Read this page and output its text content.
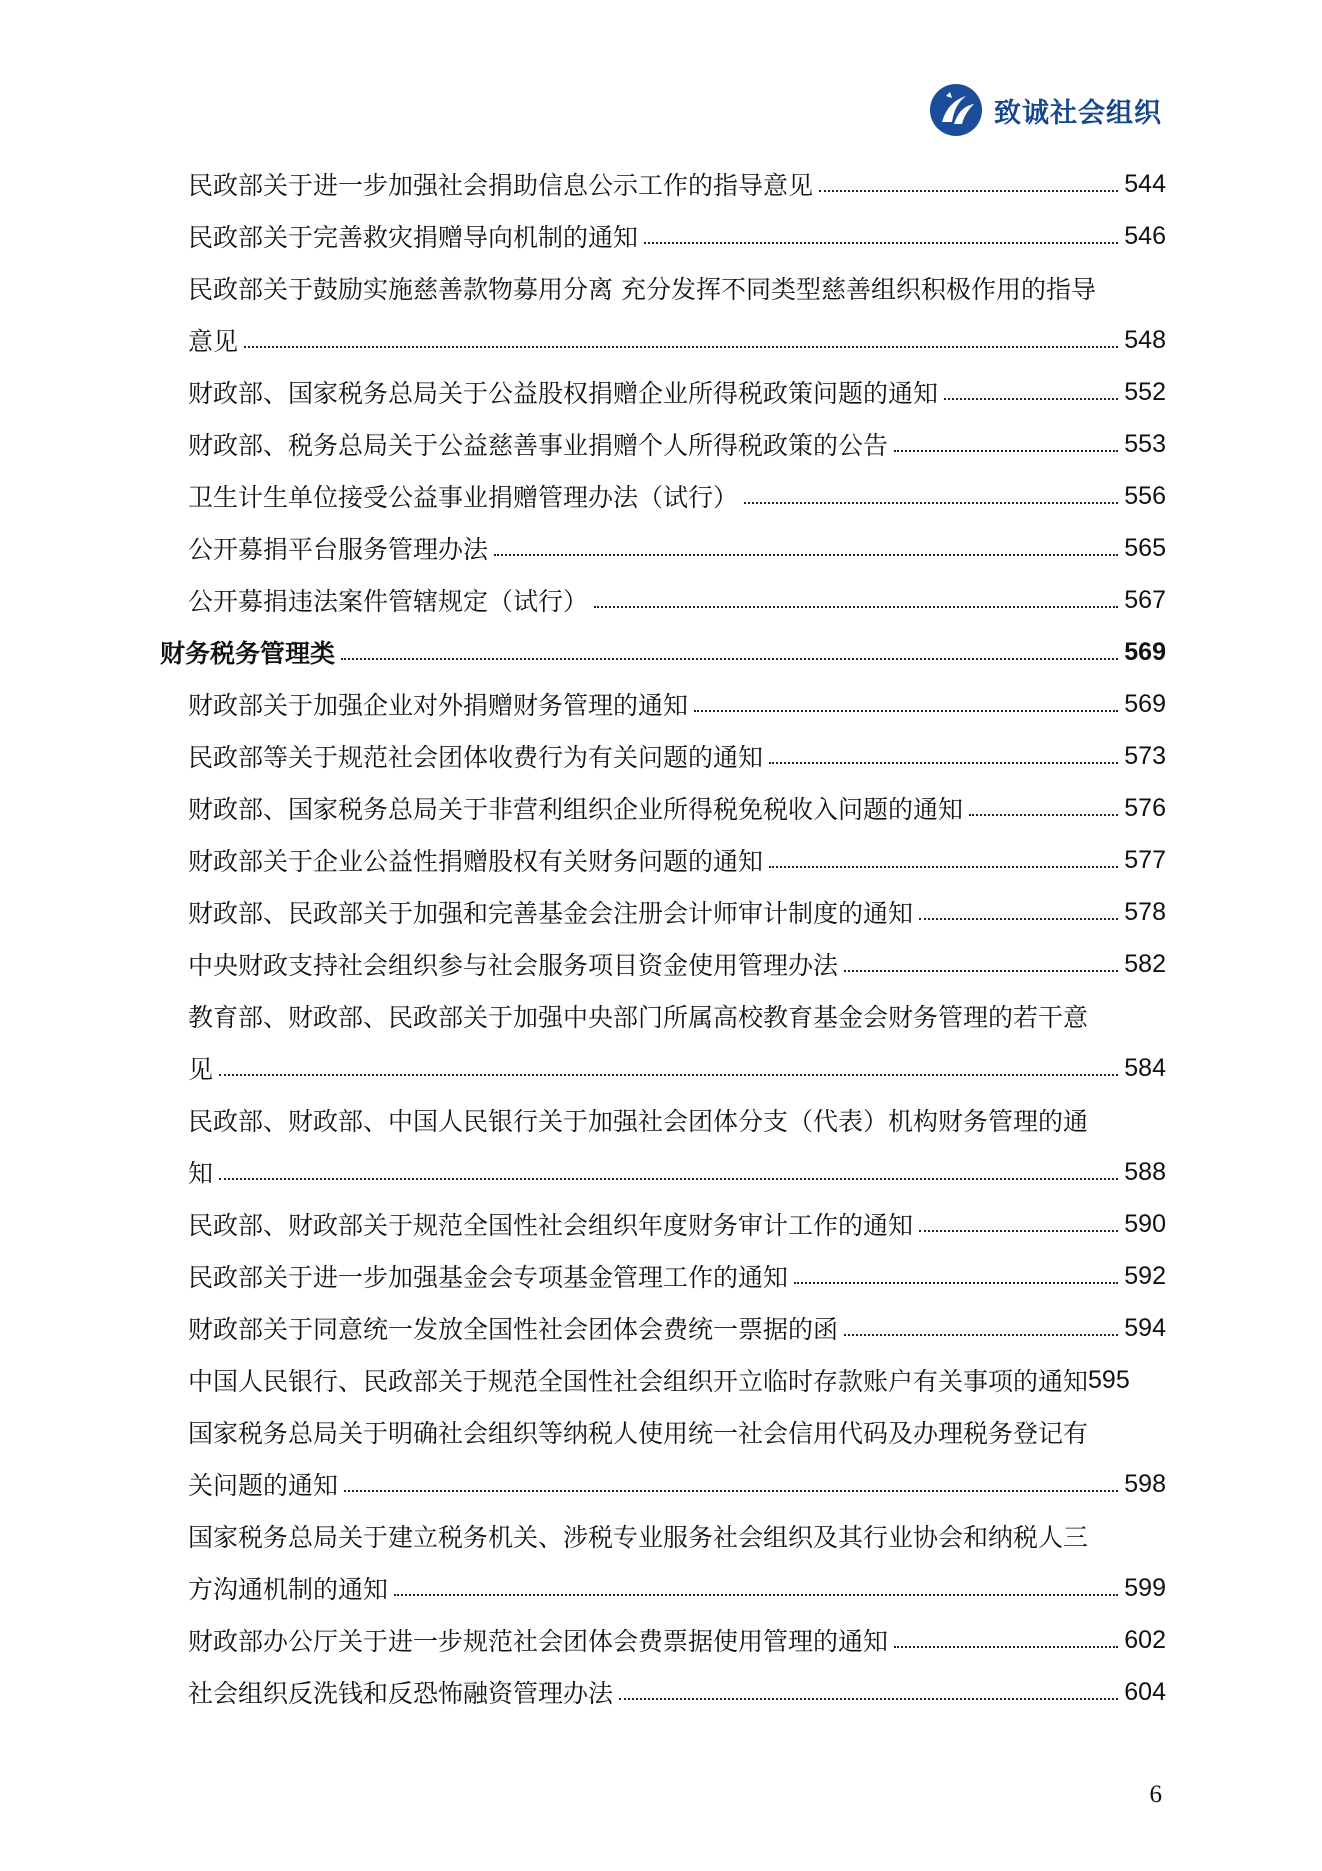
致诚社会组织
民政部关于进一步加强社会捐助信息公示工作的指导意见	544
民政部关于完善救灾捐赠导向机制的通知	546
民政部关于鼓励实施慈善款物募用分离 充分发挥不同类型慈善组织积极作用的指导
意见	548
财政部、国家税务总局关于公益股权捐赠企业所得税政策问题的通知	552
财政部、税务总局关于公益慈善事业捐赠个人所得税政策的公告	553
卫生计生单位接受公益事业捐赠管理办法（试行）	556
公开募捐平台服务管理办法	565
公开募捐违法案件管辖规定（试行）	567
财务税务管理类	569
财政部关于加强企业对外捐赠财务管理的通知	569
民政部等关于规范社会团体收费行为有关问题的通知	573
财政部、国家税务总局关于非营利组织企业所得税免税收入问题的通知	576
财政部关于企业公益性捐赠股权有关财务问题的通知	577
财政部、民政部关于加强和完善基金会注册会计师审计制度的通知	578
中央财政支持社会组织参与社会服务项目资金使用管理办法	582
教育部、财政部、民政部关于加强中央部门所属高校教育基金会财务管理的若干意
见	584
民政部、财政部、中国人民银行关于加强社会团体分支（代表）机构财务管理的通
知	588
民政部、财政部关于规范全国性社会组织年度财务审计工作的通知	590
民政部关于进一步加强基金会专项基金管理工作的通知	592
财政部关于同意统一发放全国性社会团体会费统一票据的函	594
中国人民银行、民政部关于规范全国性社会组织开立临时存款账户有关事项的通知 595
国家税务总局关于明确社会组织等纳税人使用统一社会信用代码及办理税务登记有
关问题的通知	598
国家税务总局关于建立税务机关、涉税专业服务社会组织及其行业协会和纳税人三
方沟通机制的通知	599
财政部办公厅关于进一步规范社会团体会费票据使用管理的通知	602
社会组织反洗钱和反恐怖融资管理办法	604
6
